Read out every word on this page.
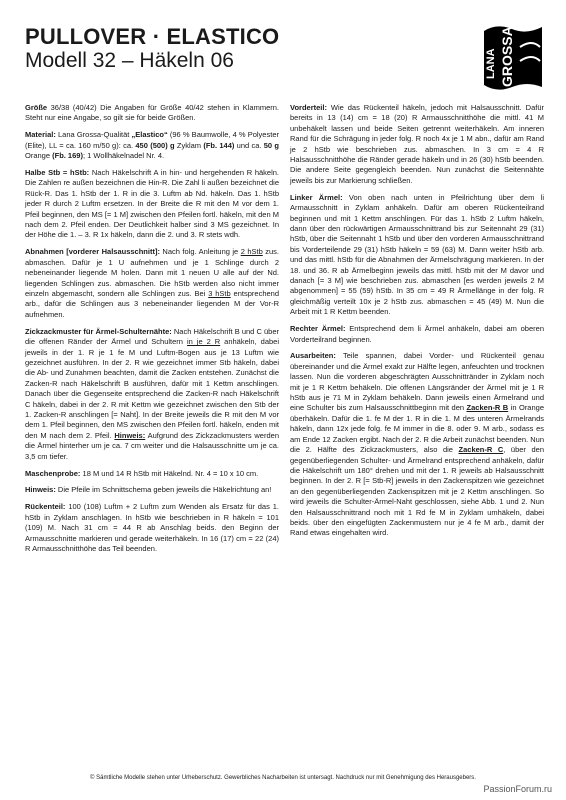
PULLOVER · ELASTICO
Modell 32 – Häkeln 06	LANA GROSSA

Größe 36/38 (40/42) Die Angaben für Größe 40/42 stehen in Klammern. Steht nur eine Angabe, so gilt sie für beide Größen.

Material: Lana Grossa-Qualität „Elastico“ (96 % Baumwolle, 4 % Polyester (Elite), LL = ca. 160 m/50 g): ca. 450 (500) g Zyklam (Fb. 144) und ca. 50 g Orange (Fb. 169); 1 Wollhäkelnadel Nr. 4.

Halbe Stb = hStb: Nach Häkelschrift A in hin- und hergehenden R häkeln. Die Zahlen re außen bezeichnen die Hin-R. Die Zahl li außen bezeichnet die Rück-R. Das 1. hStb der 1. R in die 3. Luftm ab Nd. häkeln. Das 1. hStb jeder R durch 2 Luftm ersetzen. In der Breite die R mit den M vor dem 1. Pfeil beginnen, den MS [= 1 M] zwischen den Pfeilen fortl. häkeln, mit den M nach dem 2. Pfeil enden. Der Deutlichkeit halber sind 3 MS gezeichnet. In der Höhe die 1. – 3. R 1x häkeln, dann die 2. und 3. R stets wdh.

Abnahmen [vorderer Halsausschnitt]: Nach folg. Anleitung je 2 hStb zus. abmaschen. Dafür je 1 U aufnehmen und je 1 Schlinge durch 2 nebeneinander liegende M holen. Dann mit 1 neuen U alle auf der Nd. liegenden Schlingen zus. abmaschen. Die hStb werden also nicht immer einzeln abgemascht, sondern alle Schlingen zus. Bei 3 hStb entsprechend arb., dafür die Schlingen aus 3 nebeneinander liegenden M der Vor-R aufnehmen.

Zickzackmuster für Ärmel-Schulternähte: Nach Häkelschrift B und C über die offenen Ränder der Ärmel und Schultern in je 2 R anhäkeln, dabei jeweils in der 1. R je 1 fe M und Luftm-Bogen aus je 13 Luftm wie gezeichnet ausführen. In der 2. R wie gezeichnet immer Stb häkeln, dabei die Ab- und Zunahmen beachten, damit die Zacken entstehen. Zunächst die Zacken-R nach Häkelschrift B ausführen, dafür mit 1 Kettm anschlingen. Danach über die Gegenseite entsprechend die Zacken-R nach Häkelschrift C häkeln, dabei in der 2. R mit Kettm wie gezeichnet zwischen den Stb der 1. Zacken-R anschlingen [= Naht]. In der Breite jeweils die R mit den M vor dem 1. Pfeil beginnen, den MS zwischen den Pfeilen fortl. häkeln, enden mit den M nach dem 2. Pfeil. Hinweis: Aufgrund des Zickzackmusters werden die Ärmel hinterher um je ca. 7 cm weiter und die Halsausschnitte um je ca. 3,5 cm tiefer.

Maschenprobe: 18 M und 14 R hStb mit Häkelnd. Nr. 4 = 10 x 10 cm.

Hinweis: Die Pfeile im Schnittschema geben jeweils die Häkelrichtung an!

Rückenteil: 100 (108) Luftm + 2 Luftm zum Wenden als Ersatz für das 1. hStb in Zyklam anschlagen. In hStb wie beschrieben in R häkeln = 101 (109) M. Nach 31 cm = 44 R ab Anschlag beids. den Beginn der Armausschnitte markieren und gerade weiterhäkeln. In 16 (17) cm = 22 (24) R Armausschnitthöhe das Teil beenden.

Vorderteil: Wie das Rückenteil häkeln, jedoch mit Halsausschnitt. Dafür bereits in 13 (14) cm = 18 (20) R Armausschnitthöhe die mittl. 41 M unbehäkelt lassen und beide Seiten getrennt weiterhäkeln. Am inneren Rand für die Schrägung in jeder folg. R noch 4x je 1 M abn., dafür am Rand je 2 hStb wie beschrieben zus. abmaschen. In 3 cm = 4 R Halsausschnitthöhe die Ränder gerade häkeln und in 26 (30) hStb beenden. Die andere Seite gegengleich beenden. Nun zunächst die Seitennähte jeweils bis zur Markierung schließen.

Linker Ärmel: Von oben nach unten in Pfeilrichtung über dem li Armausschnitt in Zyklam anhäkeln. Dafür am oberen Rückenteilrand beginnen und mit 1 Kettm anschlingen. Für das 1. hStb 2 Luftm häkeln, dann über den rückwärtigen Armausschnittrand bis zur Seitennaht 29 (31) hStb, über die Seitennaht 1 hStb und über den vorderen Armausschnittrand bis Vorderteilende 29 (31) hStb häkeln = 59 (63) M. Dann weiter hStb arb. und das mittl. hStb für die Abnahmen der Ärmelschrägung markieren. In der 18. und 36. R ab Ärmelbeginn jeweils das mittl. hStb mit der M davor und danach [= 3 M] wie beschrieben zus. abmaschen [es werden jeweils 2 M abgenommen] = 55 (59) hStb. In 35 cm = 49 R Ärmellänge in der folg. R gleichmäßig verteilt 10x je 2 hStb zus. abmaschen = 45 (49) M. Nun die Arbeit mit 1 R Kettm beenden.

Rechter Ärmel: Entsprechend dem li Ärmel anhäkeln, dabei am oberen Vorderteilrand beginnen.

Ausarbeiten: Teile spannen, dabei Vorder- und Rückenteil genau übereinander und die Ärmel exakt zur Hälfte legen, anfeuchten und trocknen lassen. Nun die vorderen abgeschrägten Ausschnittränder in Zyklam noch mit je 1 R Kettm behäkeln. Die offenen Längsränder der Ärmel mit je 1 R hStb aus je 71 M in Zyklam behäkeln. Dann jeweils einen Ärmelrand und eine Schulter bis zum Halsausschnittbeginn mit den Zacken-R B in Orange überhäkeln. Dafür die 1. fe M der 1. R in die 1. M des unteren Ärmelrands häkeln, dann 12x jede folg. fe M immer in die 8. oder 9. M arb., sodass es am Ende 12 Zacken ergibt. Nach der 2. R die Arbeit zunächst beenden. Nun die 2. Hälfte des Zickzackmusters, also die Zacken-R C, über den gegenüberliegenden Schulter- und Ärmelrand entsprechend anhäkeln, dafür die Häkelschrift um 180° drehen und mit der 1. R jeweils ab Halsausschnitt beginnen. In der 2. R [= Stb-R] jeweils in den Zackenspitzen wie gezeichnet an den gegenüberliegenden Zackenspitzen mit je 2 Kettm anschlingen. So wird jeweils die Schulter-Ärmel-Naht geschlossen, siehe Abb. 1 und 2. Nun den Halsausschnittrand noch mit 1 Rd fe M in Zyklam umhäkeln, dabei beids. über den eingefügten Zackenmustern nur je 4 fe M arb., damit der Rand etwas eingehalten wird.

© Sämtliche Modelle stehen unter Urheberschutz. Gewerbliches Nacharbeiten ist untersagt. Nachdruck nur mit Genehmigung des Herausgebers.
PassionForum.ru
